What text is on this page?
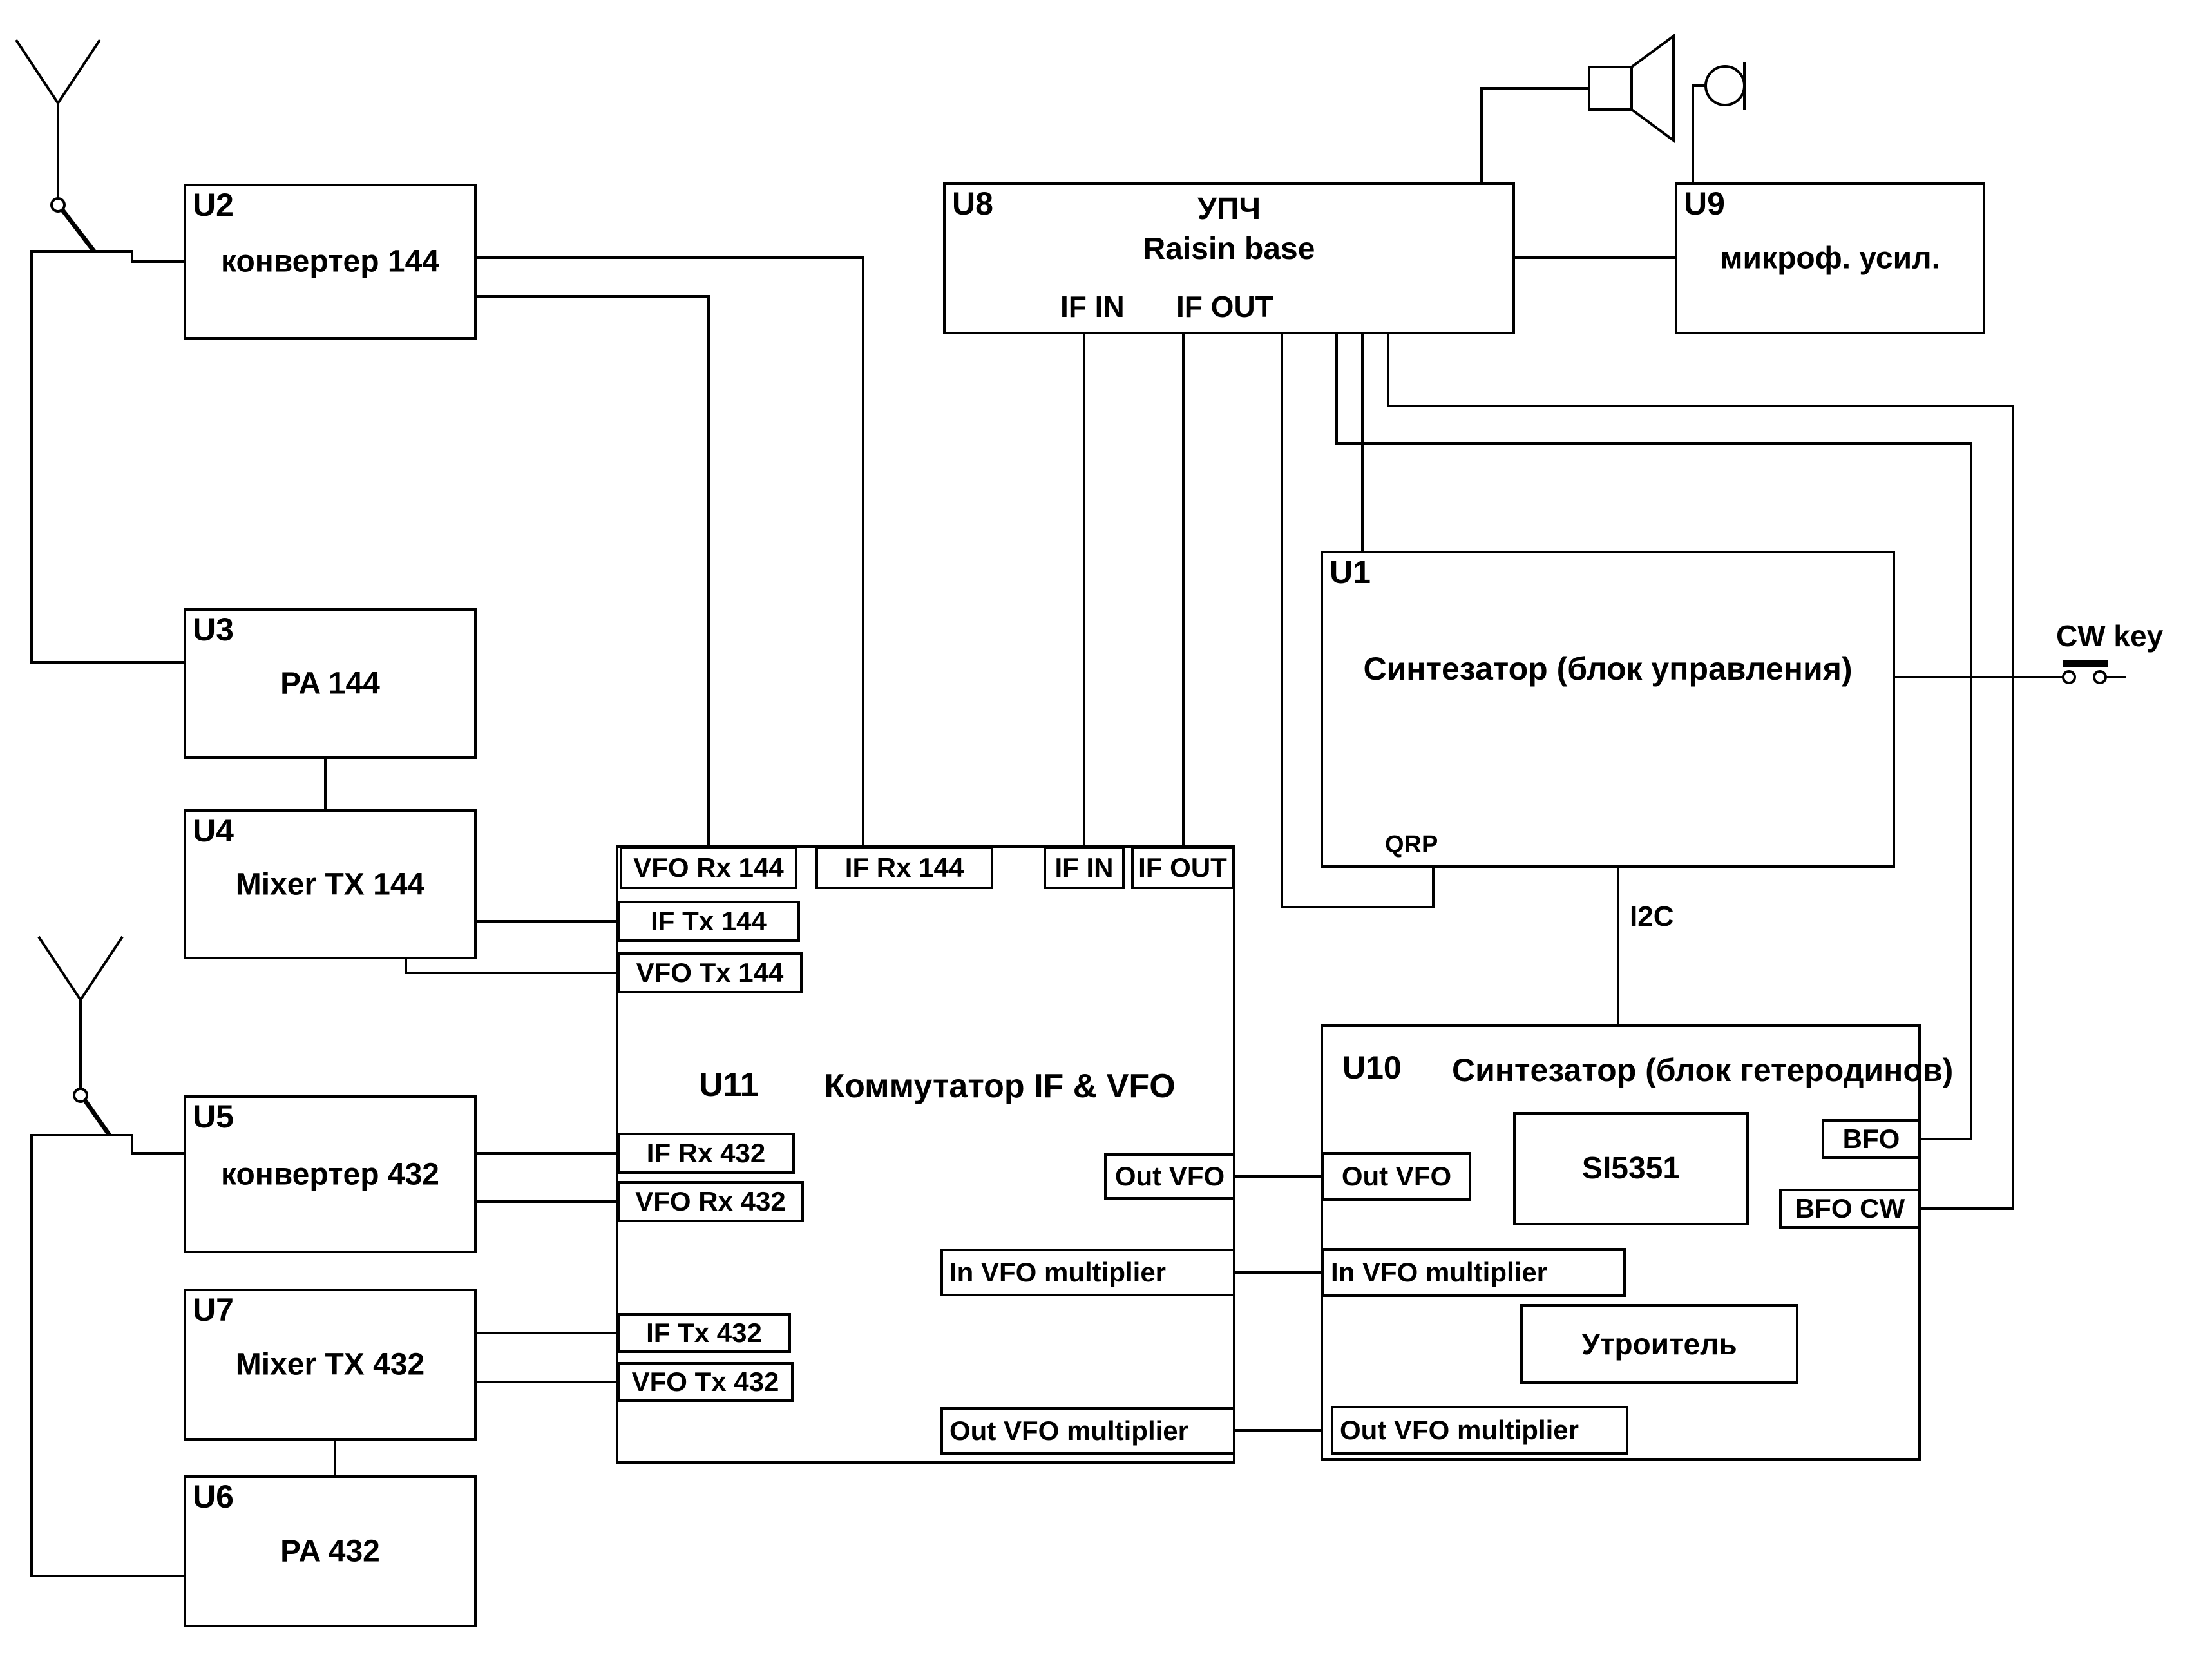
U2
конвертер 144
U3
PA 144
U4
Mixer TX 144
U5
конвертер 432
U7
Mixer TX 432
U6
PA 432
U8	УПЧ
Raisin base
IF IN IF OUT
U9
микроф. усил.
U1
Синтезатор (блок управления)
QRP
U11	Коммутатор IF & VFO
VFO Rx 144 IF Rx 144	IF IN IF OUT
IF Tx 144
VFO Tx 144
IF Rx 432
VFO Rx 432
IF Tx 432
VFO Tx 432
Out VFO
In VFO multiplier
Out VFO multiplier
U10 Синтезатор (блок гетеродинов)
Out VFO	SI5351
BFO
BFO CW
In VFO multiplier
Утроитель
Out VFO multiplier
I2C
CW key
